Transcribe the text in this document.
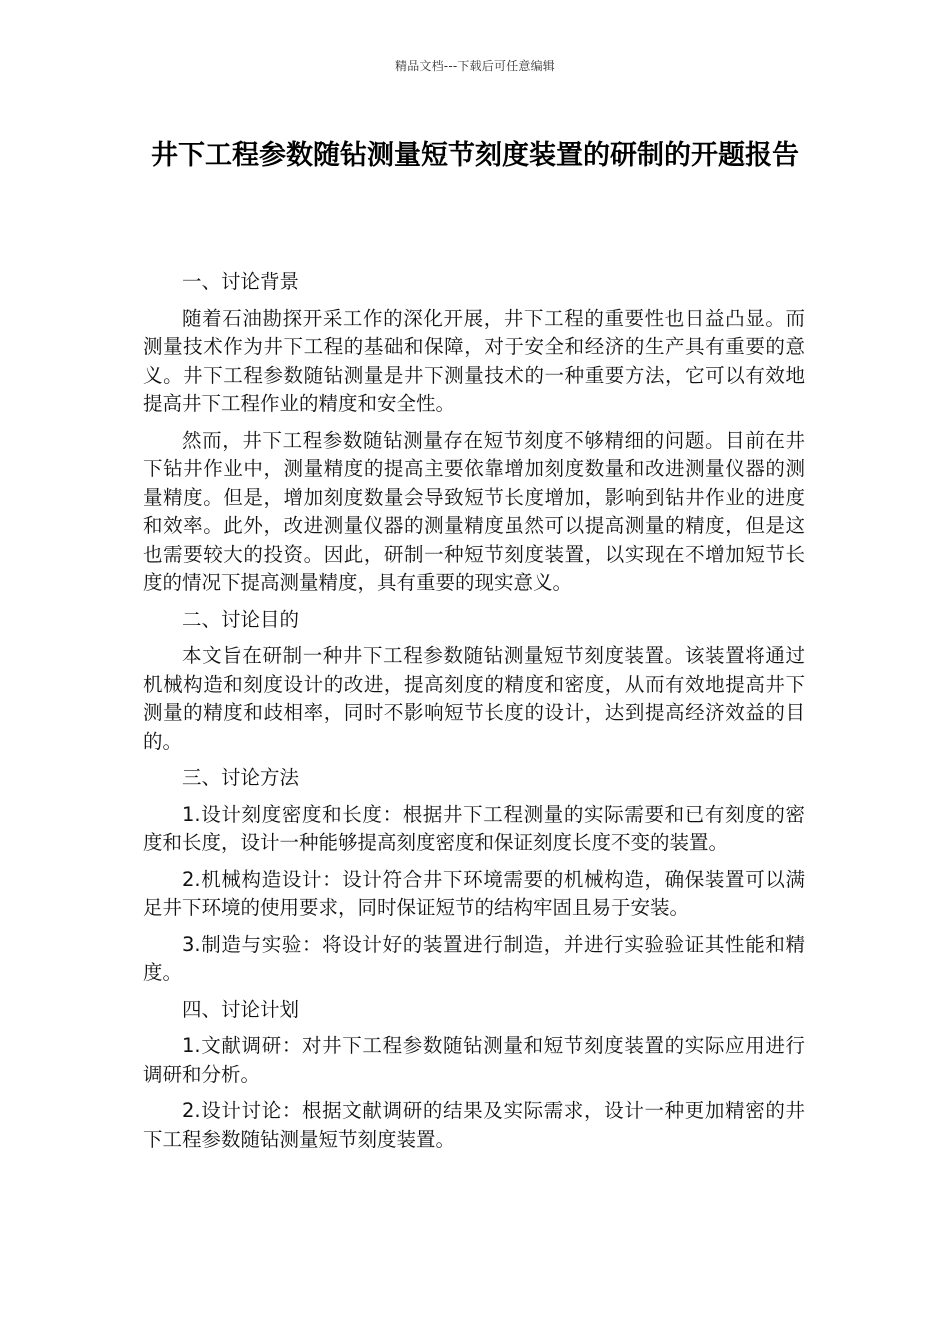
精品文档---下载后可任意编辑
井下工程参数随钻测量短节刻度装置的研制的开题报告
一、讨论背景

随着石油勘探开采工作的深化开展，井下工程的重要性也日益凸显。而测量技术作为井下工程的基础和保障，对于安全和经济的生产具有重要的意义。井下工程参数随钻测量是井下测量技术的一种重要方法，它可以有效地提高井下工程作业的精度和安全性。

然而，井下工程参数随钻测量存在短节刻度不够精细的问题。目前在井下钻井作业中，测量精度的提高主要依靠增加刻度数量和改进测量仪器的测量精度。但是，增加刻度数量会导致短节长度增加，影响到钻井作业的进度和效率。此外，改进测量仪器的测量精度虽然可以提高测量的精度，但是这也需要较大的投资。因此，研制一种短节刻度装置，以实现在不增加短节长度的情况下提高测量精度，具有重要的现实意义。

二、讨论目的

本文旨在研制一种井下工程参数随钻测量短节刻度装置。该装置将通过机械构造和刻度设计的改进，提高刻度的精度和密度，从而有效地提高井下测量的精度和歧相率，同时不影响短节长度的设计，达到提高经济效益的目的。

三、讨论方法

1.设计刻度密度和长度：根据井下工程测量的实际需要和已有刻度的密度和长度，设计一种能够提高刻度密度和保证刻度长度不变的装置。

2.机械构造设计：设计符合井下环境需要的机械构造，确保装置可以满足井下环境的使用要求，同时保证短节的结构牢固且易于安装。

3.制造与实验：将设计好的装置进行制造，并进行实验验证其性能和精度。

四、讨论计划

1.文献调研：对井下工程参数随钻测量和短节刻度装置的实际应用进行调研和分析。

2.设计讨论：根据文献调研的结果及实际需求，设计一种更加精密的井下工程参数随钻测量短节刻度装置。
